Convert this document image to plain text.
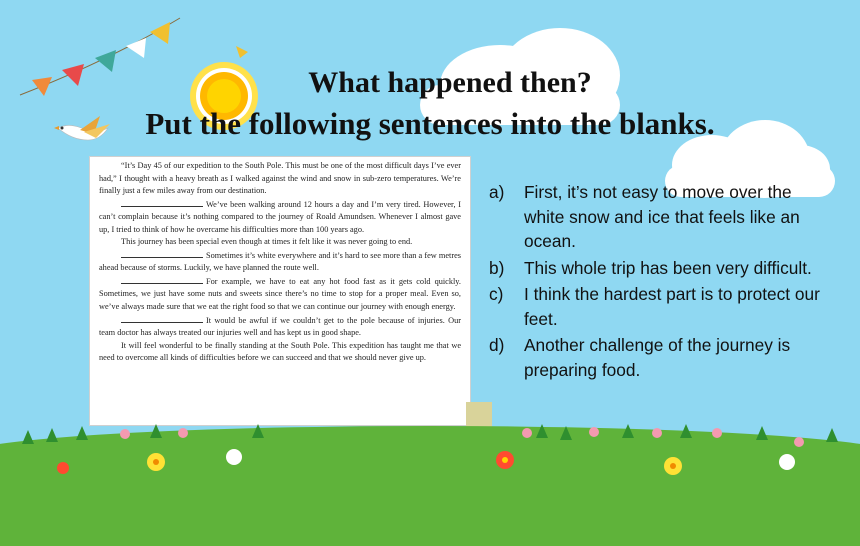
What happened then?
Put the following sentences into the blanks.

“It’s Day 45 of our expedition to the South Pole. This must be one of the most difficult days I’ve ever had,” I thought with a heavy breath as I walked against the wind and snow in sub-zero temperatures. We’re finally just a few miles away from our destination.

We’ve been walking around 12 hours a day and I’m very tired. However, I can’t complain because it’s nothing compared to the journey of Roald Amundsen. Whenever I almost gave up, I tried to think of how he overcame his difficulties more than 100 years ago.

This journey has been special even though at times it felt like it was never going to end.

Sometimes it’s white everywhere and it’s hard to see more than a few metres ahead because of storms. Luckily, we have planned the route well.

For example, we have to eat any hot food fast as it gets cold quickly. Sometimes, we just have some nuts and sweets since there’s no time to stop for a proper meal. Even so, we’ve always made sure that we eat the right food so that we can continue our journey with enough energy.

It would be awful if we couldn’t get to the pole because of injuries. Our team doctor has always treated our injuries well and has kept us in good shape.

It will feel wonderful to be finally standing at the South Pole. This expedition has taught me that we need to overcome all kinds of difficulties before we can succeed and that we should never give up.

a)	First, it’s not easy to move over the white snow and ice that feels like an ocean.
b)	This whole trip has been very difficult.
c)	I think the hardest part is to protect our feet.
d)	Another challenge of the journey is preparing food.
